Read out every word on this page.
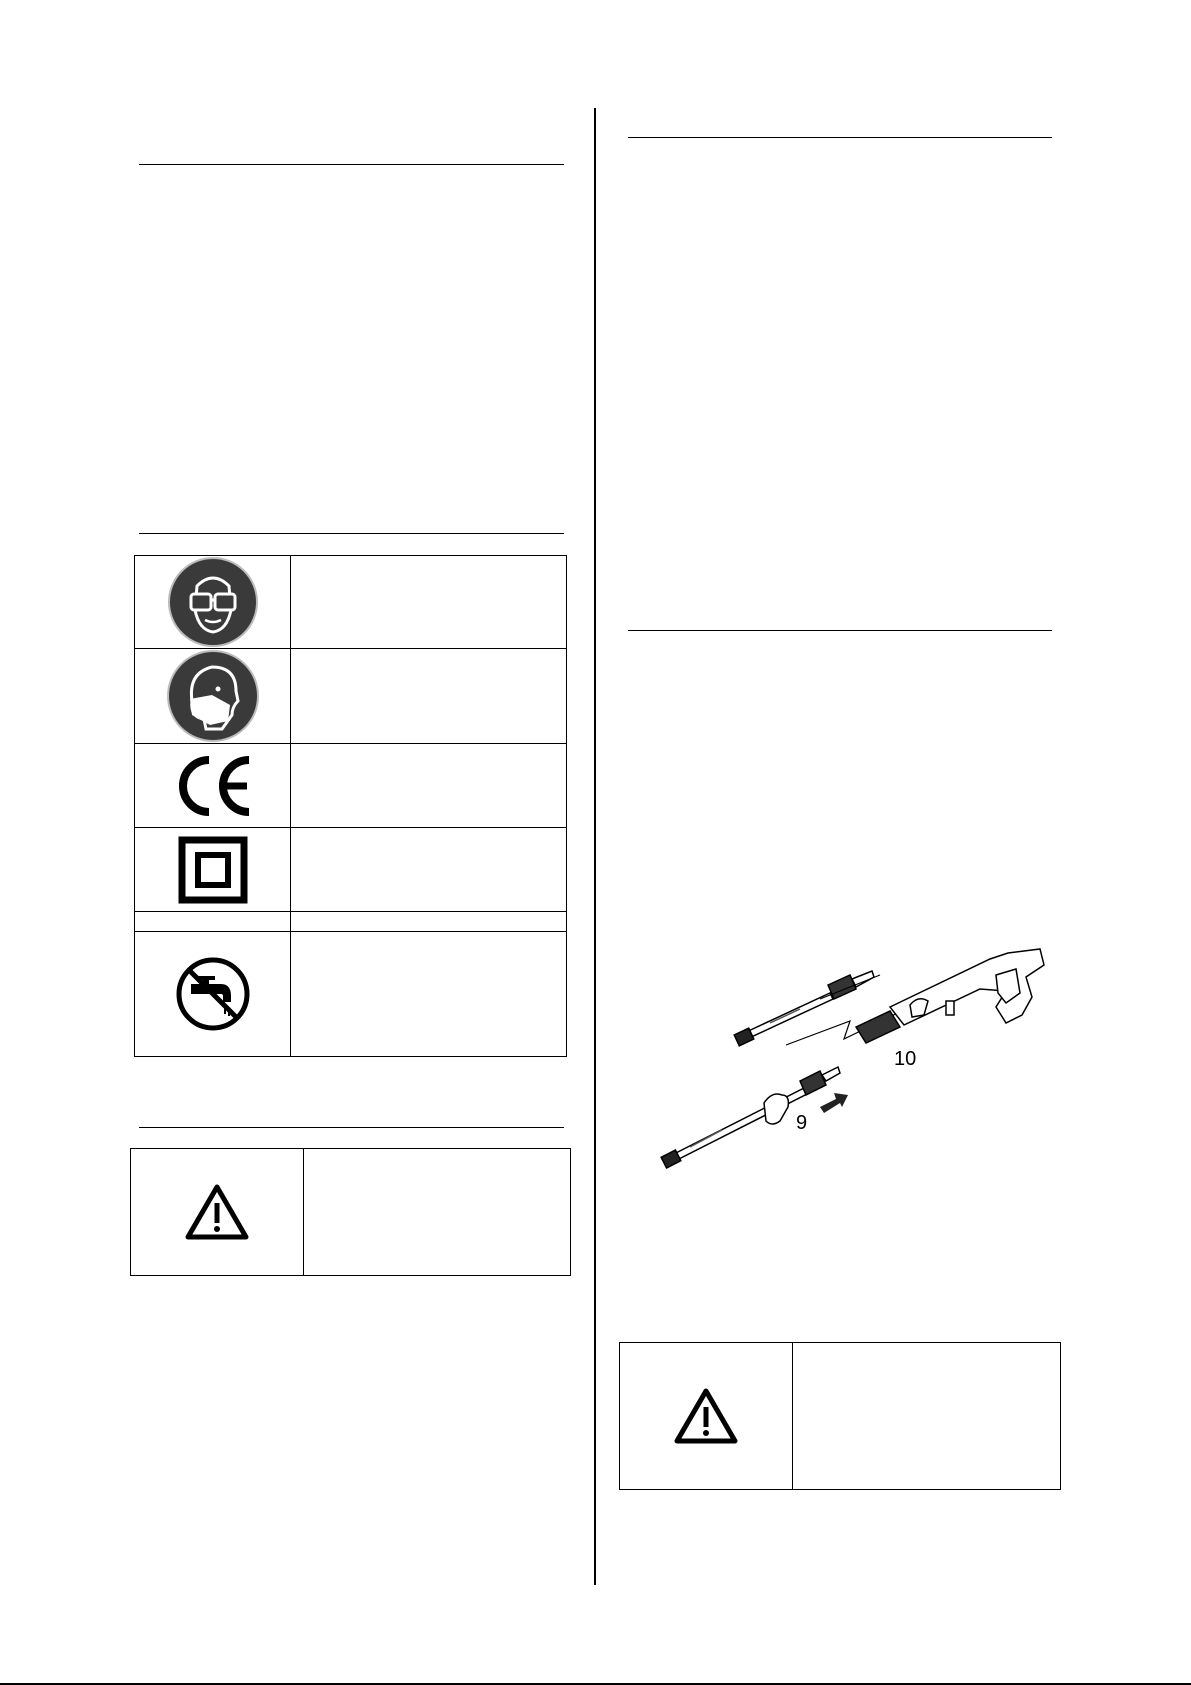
10
9
